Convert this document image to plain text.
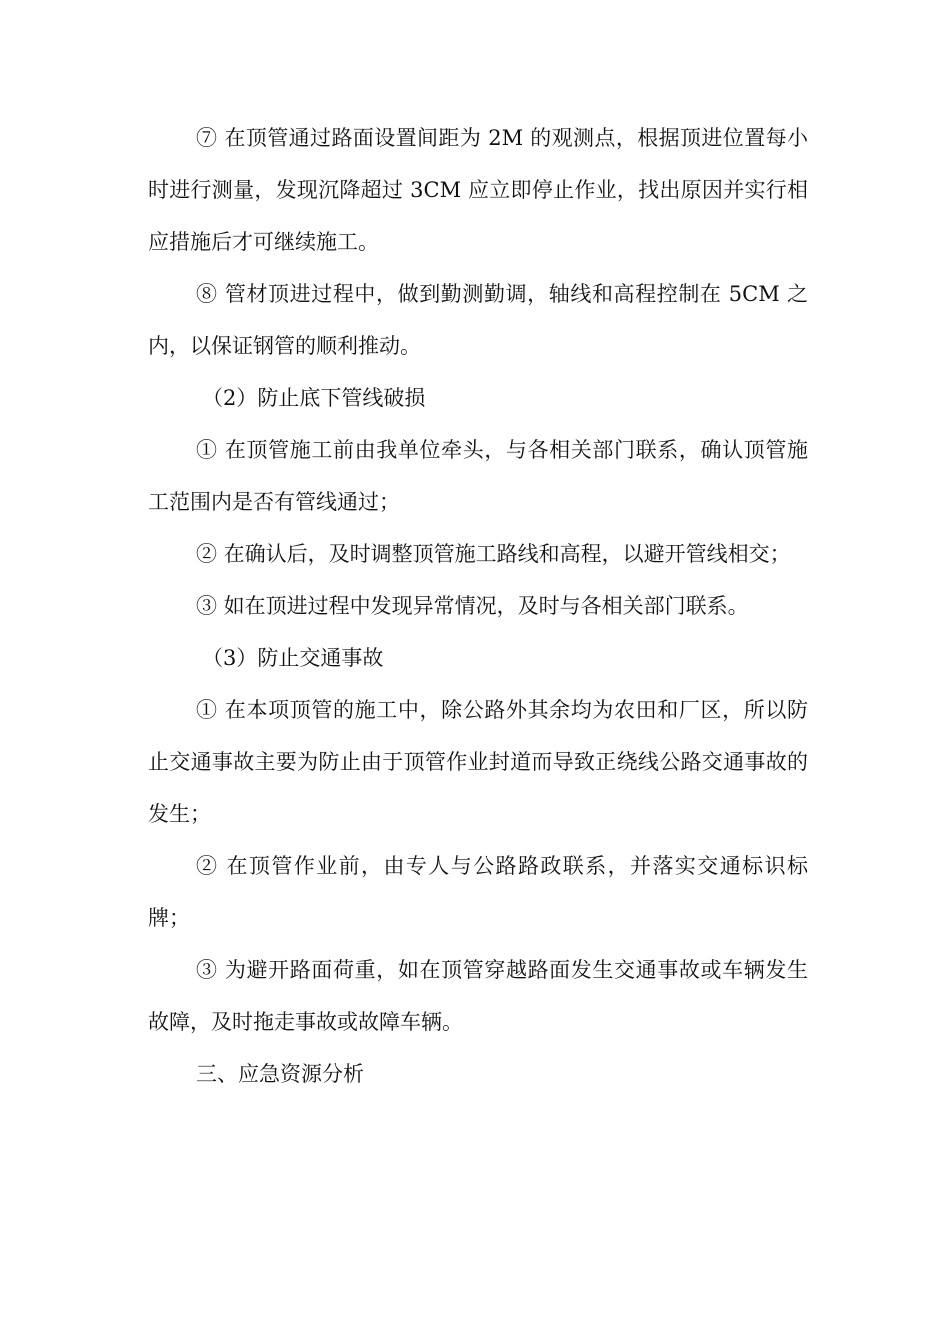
⑦ 在顶管通过路面设置间距为 2M 的观测点，根据顶进位置每小时进行测量，发现沉降超过 3CM 应立即停止作业，找出原因并实行相应措施后才可继续施工。

⑧ 管材顶进过程中，做到勤测勤调，轴线和高程控制在 5CM 之内，以保证钢管的顺利推动。

（2）防止底下管线破损

① 在顶管施工前由我单位牵头，与各相关部门联系，确认顶管施工范围内是否有管线通过；

② 在确认后，及时调整顶管施工路线和高程，以避开管线相交；

③ 如在顶进过程中发现异常情况，及时与各相关部门联系。

（3）防止交通事故

① 在本项顶管的施工中，除公路外其余均为农田和厂区，所以防止交通事故主要为防止由于顶管作业封道而导致正绕线公路交通事故的发生；

② 在顶管作业前，由专人与公路路政联系，并落实交通标识标牌；

③ 为避开路面荷重，如在顶管穿越路面发生交通事故或车辆发生故障，及时拖走事故或故障车辆。

三、应急资源分析
